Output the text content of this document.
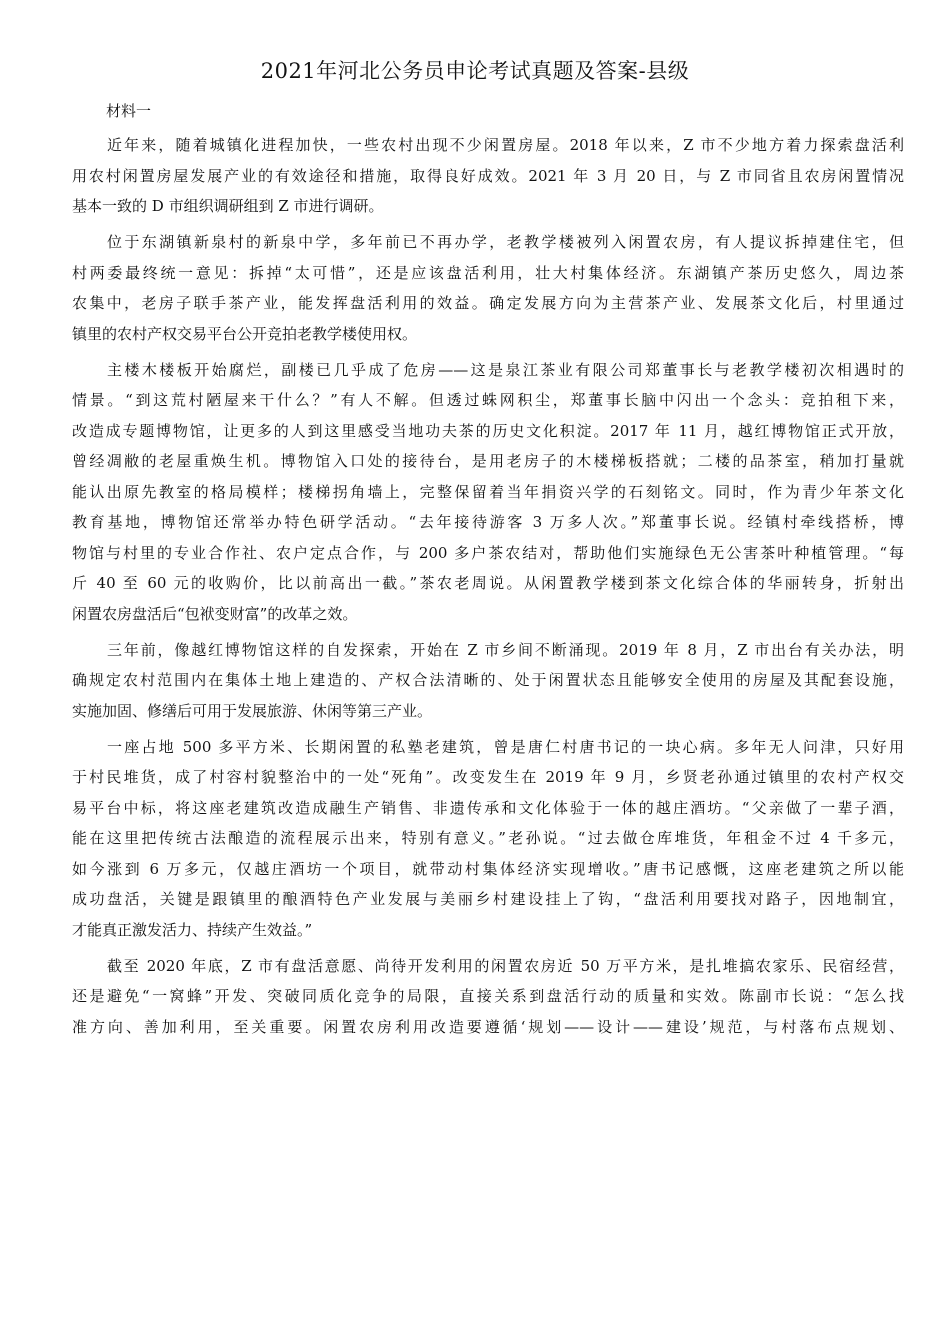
2021年河北公务员申论考试真题及答案-县级
材料一
近年来，随着城镇化进程加快，一些农村出现不少闲置房屋。2018 年以来，Z 市不少地方着力探索盘活利
用农村闲置房屋发展产业的有效途径和措施，取得良好成效。2021 年 3 月 20 日，与 Z 市同省且农房闲置情况
基本一致的 D 市组织调研组到 Z 市进行调研。
位于东湖镇新泉村的新泉中学，多年前已不再办学，老教学楼被列入闲置农房，有人提议拆掉建住宅，但
村两委最终统一意见：拆掉“太可惜”，还是应该盘活利用，壮大村集体经济。东湖镇产茶历史悠久，周边茶
农集中，老房子联手茶产业，能发挥盘活利用的效益。确定发展方向为主营茶产业、发展茶文化后，村里通过
镇里的农村产权交易平台公开竞拍老教学楼使用权。
主楼木楼板开始腐烂，副楼已几乎成了危房——这是泉江茶业有限公司郑董事长与老教学楼初次相遇时的
情景。“到这荒村陋屋来干什么？”有人不解。但透过蛛网积尘，郑董事长脑中闪出一个念头：竞拍租下来，
改造成专题博物馆，让更多的人到这里感受当地功夫茶的历史文化积淀。2017 年 11 月，越红博物馆正式开放，
曾经凋敝的老屋重焕生机。博物馆入口处的接待台，是用老房子的木楼梯板搭就；二楼的品茶室，稍加打量就
能认出原先教室的格局模样；楼梯拐角墙上，完整保留着当年捐资兴学的石刻铭文。同时，作为青少年茶文化
教育基地，博物馆还常举办特色研学活动。“去年接待游客 3 万多人次。”郑董事长说。经镇村牵线搭桥，博
物馆与村里的专业合作社、农户定点合作，与 200 多户茶农结对，帮助他们实施绿色无公害茶叶种植管理。“每
斤 40 至 60 元的收购价，比以前高出一截。”茶农老周说。从闲置教学楼到茶文化综合体的华丽转身，折射出
闲置农房盘活后“包袱变财富”的改革之效。
三年前，像越红博物馆这样的自发探索，开始在 Z 市乡间不断涌现。2019 年 8 月，Z 市出台有关办法，明
确规定农村范围内在集体土地上建造的、产权合法清晰的、处于闲置状态且能够安全使用的房屋及其配套设施，
实施加固、修缮后可用于发展旅游、休闲等第三产业。
一座占地 500 多平方米、长期闲置的私塾老建筑，曾是唐仁村唐书记的一块心病。多年无人问津，只好用
于村民堆货，成了村容村貌整治中的一处“死角”。改变发生在 2019 年 9 月，乡贤老孙通过镇里的农村产权交
易平台中标，将这座老建筑改造成融生产销售、非遗传承和文化体验于一体的越庄酒坊。“父亲做了一辈子酒，
能在这里把传统古法酿造的流程展示出来，特别有意义。”老孙说。“过去做仓库堆货，年租金不过 4 千多元，
如今涨到 6 万多元，仅越庄酒坊一个项目，就带动村集体经济实现增收。”唐书记感慨，这座老建筑之所以能
成功盘活，关键是跟镇里的酿酒特色产业发展与美丽乡村建设挂上了钩，“盘活利用要找对路子，因地制宜，
才能真正激发活力、持续产生效益。”
截至 2020 年底，Z 市有盘活意愿、尚待开发利用的闲置农房近 50 万平方米，是扎堆搞农家乐、民宿经营，
还是避免“一窝蜂”开发、突破同质化竞争的局限，直接关系到盘活行动的质量和实效。陈副市长说：“怎么找
准方向、善加利用，至关重要。闲置农房利用改造要遵循‘规划——设计——建设’规范，与村落布点规划、
